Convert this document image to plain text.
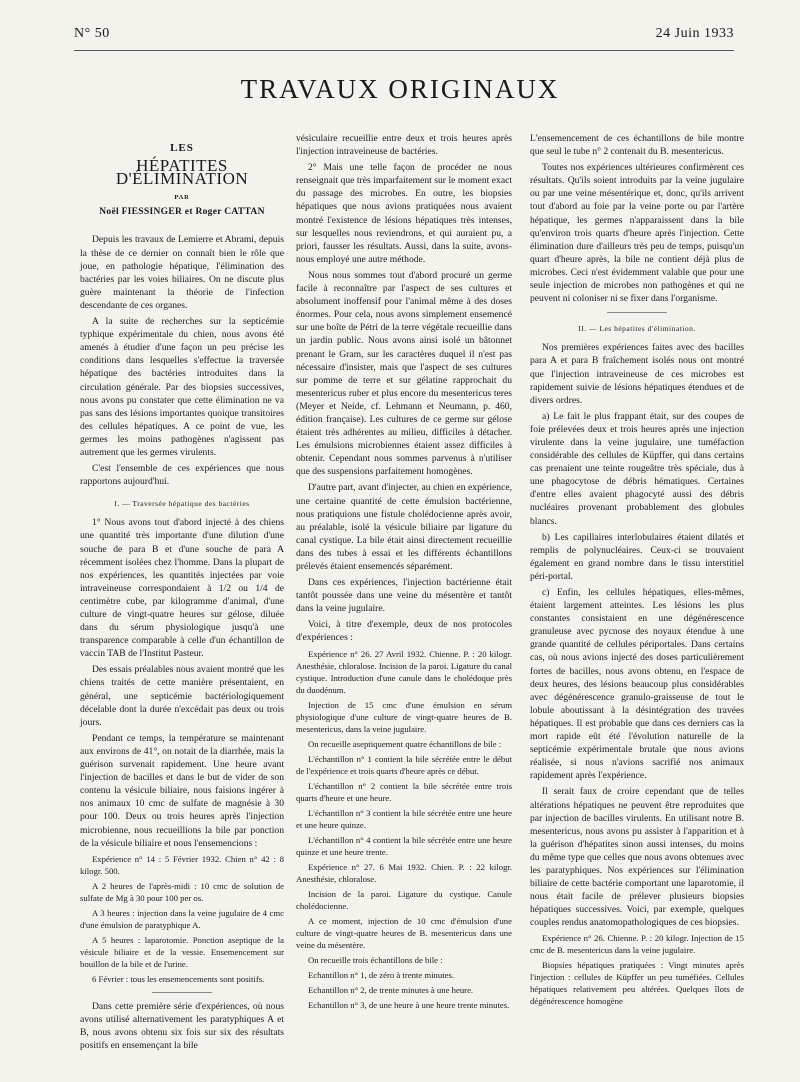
N° 50	24 Juin 1933
TRAVAUX ORIGINAUX
LES
HÉPATITES D'ÉLIMINATION
PAR
Noël FIESSINGER et Roger CATTAN

Depuis les travaux de Lemierre et Abrami, depuis la thèse de ce dernier on connaît bien le rôle que joue, en pathologie hépatique, l'élimination des bactéries par les voies biliaires. On ne discute plus guère maintenant la théorie de l'infection descendante de ces organes.

A la suite de recherches sur la septicémie typhique expérimentale du chien, nous avons été amenés à étudier d'une façon un peu précise les conditions dans lesquelles s'effectue la traversée hépatique des bactéries introduites dans la circulation générale. Par des biopsies successives, nous avons pu constater que cette élimination ne va pas sans des lésions importantes quoique transitoires des cellules hépatiques. A ce point de vue, les germes les moins pathogènes n'agissent pas autrement que les germes virulents.

C'est l'ensemble de ces expériences que nous rapportons aujourd'hui.

I. — Traversée hépatique des bactéries

1° Nous avons tout d'abord injecté à des chiens une quantité très importante d'une dilution d'une souche de para B et d'une souche de para A récemment isolées chez l'homme. Dans la plupart de nos expériences, les quantités injectées par voie intraveineuse correspondaient à 1/2 ou 1/4 de centimètre cube, par kilogramme d'animal, d'une culture de vingt-quatre heures sur gélose, diluée dans du sérum physiologique jusqu'à une transparence comparable à celle d'un échantillon de vaccin TAB de l'Institut Pasteur.

Des essais préalables nous avaient montré que les chiens traités de cette manière présentaient, en général, une septicémie bactériologiquement décelable dont la durée n'excédait pas deux ou trois jours.

Pendant ce temps, la température se maintenant aux environs de 41°, on notait de la diarrhée, mais la guérison survenait rapidement. Une heure avant l'injection de bacilles et dans le but de vider de son contenu la vésicule biliaire, nous faisions ingérer à nos animaux 10 cmc de sulfate de magnésie à 30 pour 100. Deux ou trois heures après l'injection microbienne, nous recueillions la bile par ponction de la vésicule biliaire et nous l'ensemencions :

Expérience n° 14 : 5 Février 1932. Chien n° 42 : 8 kilogr. 500.

A 2 heures de l'après-midi : 10 cmc de solution de sulfate de Mg à 30 pour 100 per os.

A 3 heures : injection dans la veine jugulaire de 4 cmc d'une émulsion de paratyphique A.

A 5 heures : laparotomie. Ponction aseptique de la vésicule biliaire et de la vessie. Ensemencement sur bouillon de la bile et de l'urine.

6 Février : tous les ensemencements sont positifs.

Dans cette première série d'expériences, où nous avons utilisé alternativement les paratyphiques A et B, nous avons obtenu six fois sur six des résultats positifs en ensemençant la bile

vésiculaire recueillie entre deux et trois heures après l'injection intraveineuse de bactéries.

2° Mais une telle façon de procéder ne nous renseignait que très imparfaitement sur le moment exact du passage des microbes. En outre, les biopsies hépatiques que nous avions pratiquées nous avaient montré l'existence de lésions hépatiques très intenses, sur lesquelles nous reviendrons, et qui auraient pu, a priori, fausser les résultats. Aussi, dans la suite, avons-nous employé une autre méthode.

Nous nous sommes tout d'abord procuré un germe facile à reconnaître par l'aspect de ses cultures et absolument inoffensif pour l'animal même à des doses énormes. Pour cela, nous avons simplement ensemencé sur une boîte de Pétri de la terre végétale recueillie dans un jardin public. Nous avons ainsi isolé un bâtonnet prenant le Gram, sur les caractères duquel il n'est pas nécessaire d'insister, mais que l'aspect de ses cultures sur pomme de terre et sur gélatine rapprochait du mesentericus ruber et plus encore du mesentericus teres (Meyer et Neide, cf. Lehmann et Neumann, p. 460, édition française). Les cultures de ce germe sur gélose étaient très adhérentes au milieu, difficiles à détacher. Les émulsions microbiennes étaient assez difficiles à obtenir. Cependant nous sommes parvenus à n'utiliser que des suspensions parfaitement homogènes.

D'autre part, avant d'injecter, au chien en expérience, une certaine quantité de cette émulsion bactérienne, nous pratiquions une fistule cholédocienne après avoir, au préalable, isolé la vésicule biliaire par ligature du canal cystique. La bile était ainsi directement recueillie dans des tubes à essai et les différents échantillons prélevés étaient ensemencés séparément.

Dans ces expériences, l'injection bactérienne était tantôt poussée dans une veine du mésentère et tantôt dans la veine jugulaire.

Voici, à titre d'exemple, deux de nos protocoles d'expériences :

Expérience n° 26. 27 Avril 1932. Chienne. P. : 20 kilogr. Anesthésie, chloralose. Incision de la paroi. Ligature du canal cystique. Introduction d'une canule dans le cholédoque près du duodénum.

Injection de 15 cmc d'une émulsion en sérum physiologique d'une culture de vingt-quatre heures de B. mesentericus, dans la veine jugulaire.

On recueille aseptiquement quatre échantillons de bile :

L'échantillon n° 1 contient la bile sécrétée entre le début de l'expérience et trois quarts d'heure après ce début.

L'échantillon n° 2 contient la bile sécrétée entre trois quarts d'heure et une heure.

L'échantillon n° 3 contient la bile sécrétée entre une heure et une heure quinze.

L'échantillon n° 4 contient la bile sécrétée entre une heure quinze et une heure trente.

Expérience n° 27. 6 Mai 1932. Chien. P. : 22 kilogr. Anesthésie, chloralose.

Incision de la paroi. Ligature du cystique. Canule cholédocienne.

A ce moment, injection de 10 cmc d'émulsion d'une culture de vingt-quatre heures de B. mesentericus dans une veine du mésentère.

On recueille trois échantillons de bile :

Echantillon n° 1, de zéro à trente minutes.

Echantillon n° 2, de trente minutes à une heure.

Echantillon n° 3, de une heure à une heure trente minutes.

L'ensemencement de ces échantillons de bile montre que seul le tube n° 2 contenait du B. mesentericus.

Toutes nos expériences ultérieures confirmèrent ces résultats. Qu'ils soient introduits par la veine jugulaire ou par une veine mésentérique et, donc, qu'ils arrivent tout d'abord au foie par la veine porte ou par l'artère hépatique, les germes n'apparaissent dans la bile qu'environ trois quarts d'heure après l'injection. Cette élimination dure d'ailleurs très peu de temps, puisqu'un quart d'heure après, la bile ne contient déjà plus de microbes. Ceci n'est évidemment valable que pour une seule injection de microbes non pathogènes et qui ne peuvent ni coloniser ni se fixer dans l'organisme.

II. — Les hépatites d'élimination.

Nos premières expériences faites avec des bacilles para A et para B fraîchement isolés nous ont montré que l'injection intraveineuse de ces microbes est rapidement suivie de lésions hépatiques étendues et de divers ordres.

a) Le fait le plus frappant était, sur des coupes de foie prélevées deux et trois heures après une injection virulente dans la veine jugulaire, une tuméfaction considérable des cellules de Küpffer, qui dans certains cas prenaient une teinte rougeâtre très spéciale, dus à une phagocytose de débris hématiques. Certaines d'entre elles avaient phagocyté aussi des débris nucléaires provenant probablement des globules blancs.

b) Les capillaires interlobulaires étaient dilatés et remplis de polynucléaires. Ceux-ci se trouvaient également en grand nombre dans le tissu interstitiel péri-portal.

c) Enfin, les cellules hépatiques, elles-mêmes, étaient largement atteintes. Les lésions les plus constantes consistaient en une dégénérescence granuleuse avec pycnose des noyaux étendue à une grande quantité de cellules périportales. Dans certains cas, où nous avions injecté des doses particulièrement fortes de bacilles, nous avons obtenu, en l'espace de deux heures, des lésions beaucoup plus considérables avec dégénérescence granulo-graisseuse de tout le lobule aboutissant à la désintégration des travées hépatiques. Il est probable que dans ces derniers cas la mort rapide eût été l'évolution naturelle de la septicémie expérimentale brutale que nous avions réalisée, si nous n'avions sacrifié nos animaux rapidement après l'expérience.

Il serait faux de croire cependant que de telles altérations hépatiques ne peuvent être reproduites que par injection de bacilles virulents. En utilisant notre B. mesentericus, nous avons pu assister à l'apparition et à la guérison d'hépatites sinon aussi intenses, du moins du même type que celles que nous avons obtenues avec les paratyphiques. Nos expériences sur l'élimination biliaire de cette bactérie comportant une laparotomie, il nous était facile de prélever plusieurs biopsies hépatiques successives. Voici, par exemple, quelques couples rendus anatomopathologiques de ces biopsies.

Expérience n° 26. Chienne. P. : 20 kilogr. Injection de 15 cmc de B. mesentericus dans la veine jugulaire.

Biopsies hépatiques pratiquées : Vingt minutes après l'injection : cellules de Küpffer un peu tuméfiées. Cellules hépatiques relativement peu altérées. Quelques îlots de dégénérescence homogène
